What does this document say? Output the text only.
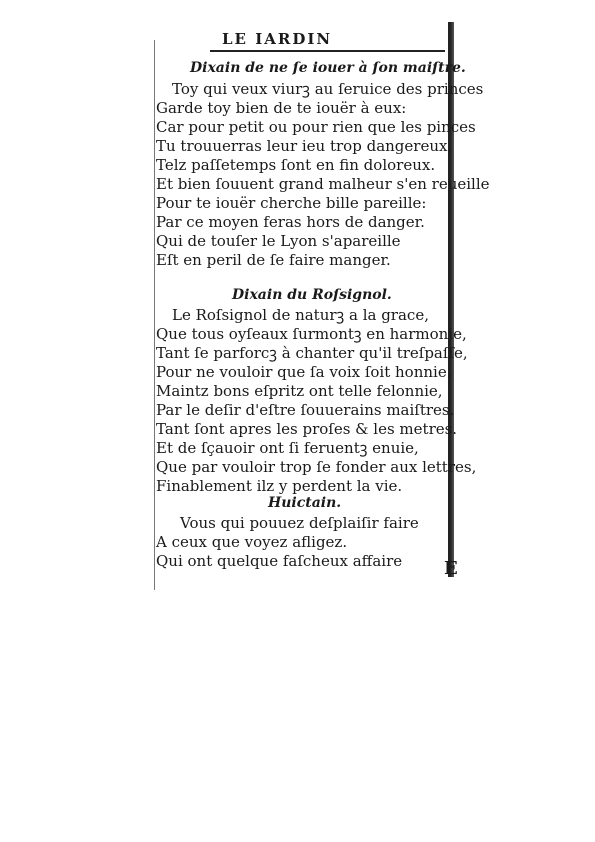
E
LE IARDIN
Dixain de ne ſe iouer à ſon maiſtre.
Toy qui veux viurꝫ au ſeruice des princes
Garde toy bien de te iouër à eux:
Car pour petit ou pour rien que les pinces
Tu trouuerras leur ieu trop dangereux,
Telz paſſetemps ſont en fin doloreux.
Et bien ſouuent grand malheur s'en reueille
Pour te iouër cherche bille pareille:
Par ce moyen feras hors de danger.
Qui de touſer le Lyon s'apareille
Eſt en peril de ſe faire manger.
Dixain du Roſsignol.
Le Roſsignol de naturꝫ a la grace,
Que tous oyſeaux ſurmontꝫ en harmonie,
Tant ſe parforcꝫ à chanter qu'il treſpaſſe,
Pour ne vouloir que ſa voix ſoit honnie.
Maintz bons eſpritz ont telle felonnie,
Par le deſir d'eſtre ſouuerains maiſtres.
Tant ſont apres les proſes & les metres.
Et de ſçauoir ont ſi feruentꝫ enuie,
Que par vouloir trop ſe fonder aux lettres,
Finablement ilz y perdent la vie.
Huictain.
Vous qui pouuez deſplaiſir faire
A ceux que voyez afligez.
Qui ont quelque faſcheux affaire
